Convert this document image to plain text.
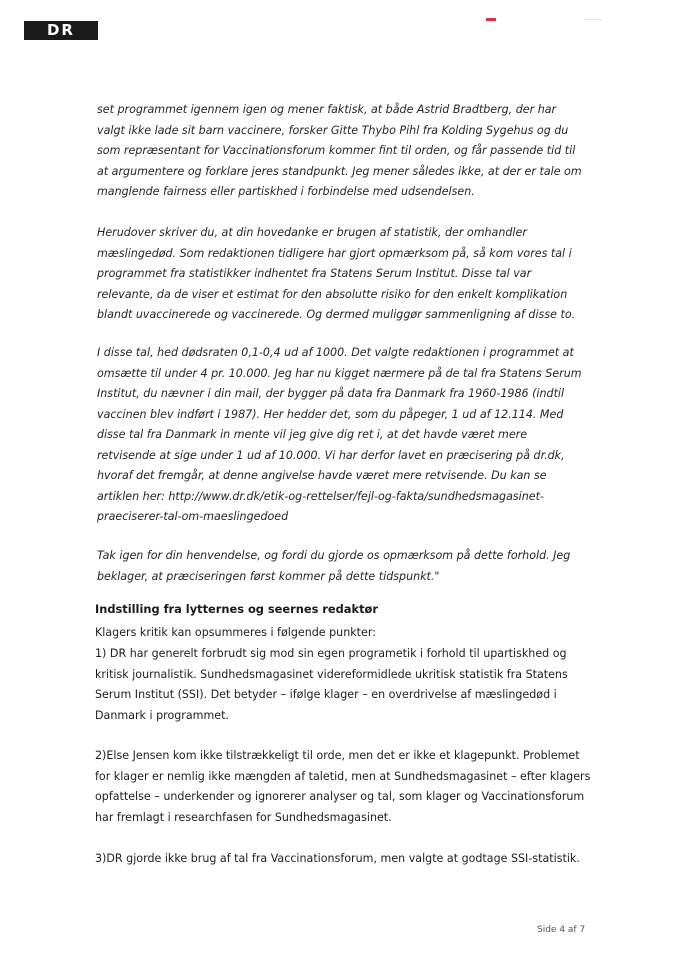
DR

set programmet igennem igen og mener faktisk, at både Astrid Bradtberg, der har valgt ikke lade sit barn vaccinere, forsker Gitte Thybo Pihl fra Kolding Sygehus og du som repræsentant for Vaccinationsforum kommer fint til orden, og får passende tid til at argumentere og forklare jeres standpunkt. Jeg mener således ikke, at der er tale om manglende fairness eller partiskhed i forbindelse med udsendelsen.

Herudover skriver du, at din hovedanke er brugen af statistik, der omhandler mæslingedød. Som redaktionen tidligere har gjort opmærksom på, så kom vores tal i programmet fra statistikker indhentet fra Statens Serum Institut. Disse tal var relevante, da de viser et estimat for den absolutte risiko for den enkelt komplikation blandt uvaccinerede og vaccinerede. Og dermed muliggør sammenligning af disse to.

I disse tal, hed dødsraten 0,1-0,4 ud af 1000. Det valgte redaktionen i programmet at omsætte til under 4 pr. 10.000. Jeg har nu kigget nærmere på de tal fra Statens Serum Institut, du nævner i din mail, der bygger på data fra Danmark fra 1960-1986 (indtil vaccinen blev indført i 1987). Her hedder det, som du påpeger, 1 ud af 12.114. Med disse tal fra Danmark in mente vil jeg give dig ret i, at det havde været mere retvisende at sige under 1 ud af 10.000. Vi har derfor lavet en præcisering på dr.dk, hvoraf det fremgår, at denne angivelse havde været mere retvisende. Du kan se artiklen her: http://www.dr.dk/etik-og-rettelser/fejl-og-fakta/sundhedsmagasinet-praeciserer-tal-om-maeslingedoed

Tak igen for din henvendelse, og fordi du gjorde os opmærksom på dette forhold. Jeg beklager, at præciseringen først kommer på dette tidspunkt."

Indstilling fra lytternes og seernes redaktør

Klagers kritik kan opsummeres i følgende punkter:

1) DR har generelt forbrudt sig mod sin egen programetik i forhold til upartiskhed og kritisk journalistik. Sundhedsmagasinet videreformidlede ukritisk statistik fra Statens Serum Institut (SSI). Det betyder – ifølge klager – en overdrivelse af mæslingedød i Danmark i programmet.

2)Else Jensen kom ikke tilstrækkeligt til orde, men det er ikke et klagepunkt. Problemet for klager er nemlig ikke mængden af taletid, men at Sundhedsmagasinet – efter klagers opfattelse – underkender og ignorerer analyser og tal, som klager og Vaccinationsforum har fremlagt i researchfasen for Sundhedsmagasinet.

3)DR gjorde ikke brug af tal fra Vaccinationsforum, men valgte at godtage SSI-statistik.

Side 4 af 7
